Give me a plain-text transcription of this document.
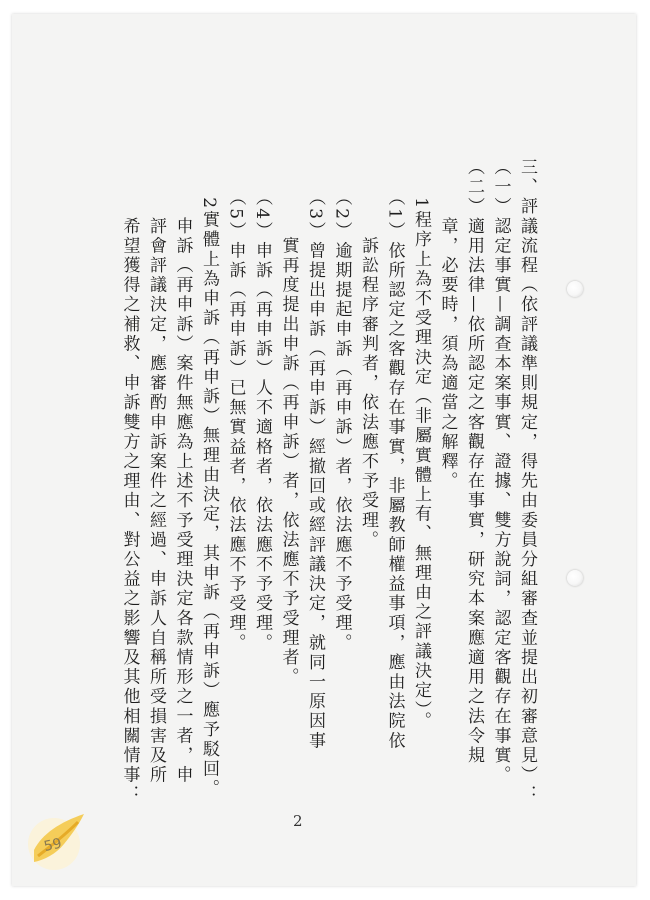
三、評議流程（依評議準則規定，得先由委員分組審查並提出初審意見）：
（一）認定事實—調查本案事實、證據、雙方說詞，認定客觀存在事實。
（二）適用法律—依所認定之客觀存在事實，研究本案應適用之法令規
　　　章，必要時，須為適當之解釋。
　　1程序上為不受理決定（非屬實體上有、無理由之評議決定）。
　　（1）依所認定之客觀存在事實，非屬教師權益事項，應由法院依
　　　　訴訟程序審判者，依法應不予受理。
　　（2）逾期提起申訴（再申訴）者，依法應不予受理。
　　（3）曾提出申訴（再申訴）經撤回或經評議決定，就同一原因事
　　　　實再度提出申訴（再申訴）者，依法應不予受理者。
　　（4）申訴（再申訴）人不適格者，依法應不予受理。
　　（5）申訴（再申訴）已無實益者，依法應不予受理。
　　2實體上為申訴（再申訴）無理由決定，其申訴（再申訴）應予駁回。
　　　申訴（再申訴）案件無應為上述不予受理決定各款情形之一者，申
　　　評會評議決定，應審酌申訴案件之經過、申訴人自稱所受損害及所
　　　希望獲得之補救、申訴雙方之理由、對公益之影響及其他相關情事：
2
59
